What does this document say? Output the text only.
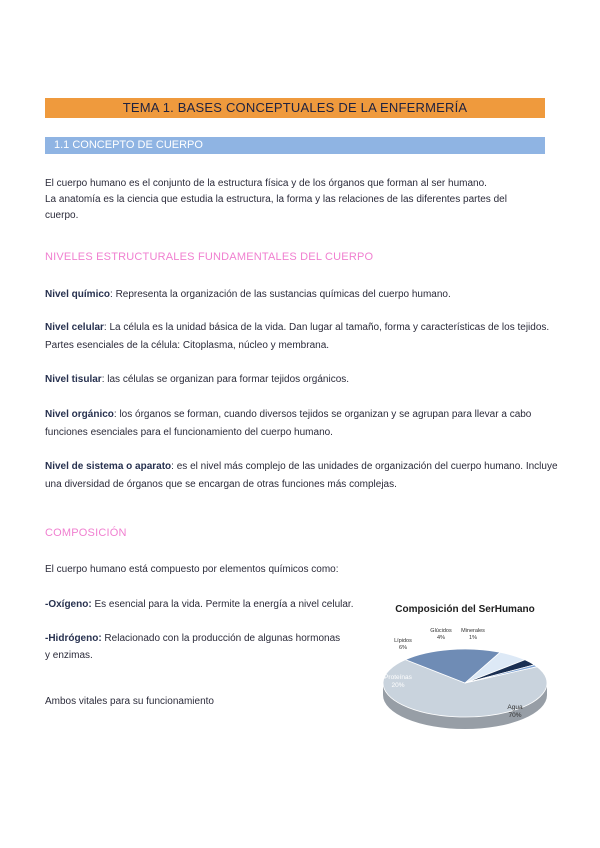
TEMA 1. BASES CONCEPTUALES DE LA ENFERMERÍA
1.1 CONCEPTO DE CUERPO
El cuerpo humano es el conjunto de la estructura física y de los órganos que forman al ser humano.
La anatomía es la ciencia que estudia la estructura, la forma y las relaciones de las diferentes partes del
cuerpo.
NIVELES ESTRUCTURALES FUNDAMENTALES DEL CUERPO
Nivel químico: Representa la organización de las sustancias químicas del cuerpo humano.
Nivel celular: La célula es la unidad básica de la vida. Dan lugar al tamaño, forma y características de los tejidos. Partes esenciales de la célula: Citoplasma, núcleo y membrana.
Nivel tisular: las células se organizan para formar tejidos orgánicos.
Nivel orgánico: los órganos se forman, cuando diversos tejidos se organizan y se agrupan para llevar a cabo funciones esenciales para el funcionamiento del cuerpo humano.
Nivel de sistema o aparato: es el nivel más complejo de las unidades de organización del cuerpo humano. Incluye una diversidad de órganos que se encargan de otras funciones más complejas.
COMPOSICIÓN
El cuerpo humano está compuesto por elementos químicos como:
-Oxígeno: Es esencial para la vida. Permite la energía a nivel celular.
-Hidrógeno: Relacionado con la producción de algunas hormonas y enzimas.
Ambos vitales para su funcionamiento
Composición del SerHumano
Agua
70%
Proteínas
20%
Lípidos
6%
Glúcidos
4%
Minerales
1%
